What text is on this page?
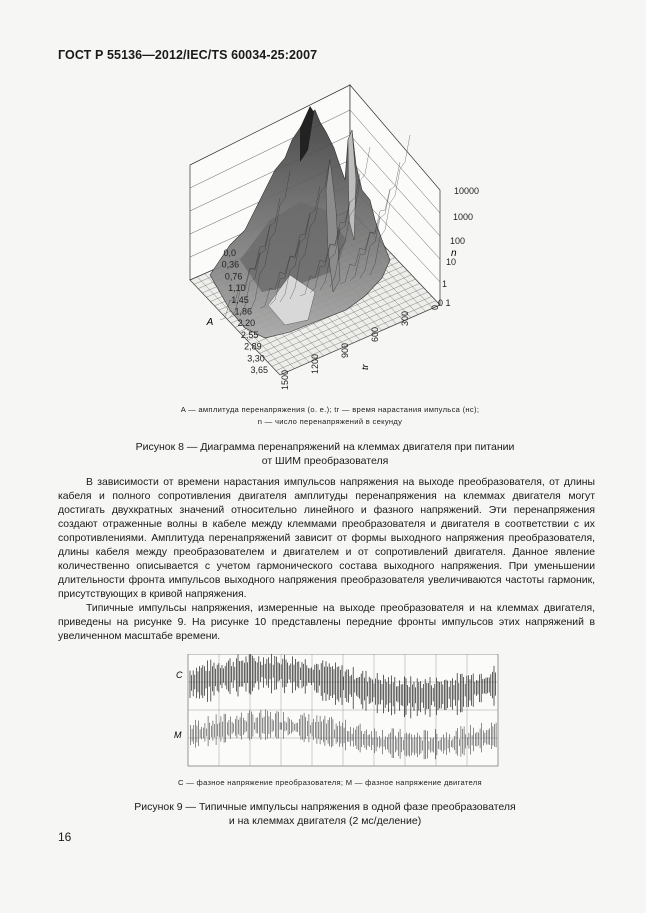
ГОСТ Р 55136—2012/IEC/TS 60034-25:2007
0,0
0,36
0,76
1,10
1,45
1,86
2,20
2,55
2,89
3,30
3,65
A
1500
1200
900
600
300
0
tr
10000
1000
100
10
1
0 1
n
A — амплитуда перенапряжения (о. е.); tr — время нарастания импульса (нс);
n — число перенапряжений в секунду
Рисунок 8 — Диаграмма перенапряжений на клеммах двигателя при питании
от ШИМ преобразователя
В зависимости от времени нарастания импульсов напряжения на выходе преобразователя, от длины кабеля и полного сопротивления двигателя амплитуды перенапряжения на клеммах двигателя могут достигать двухкратных значений относительно линейного и фазного напряжений. Эти перенапряжения создают отраженные волны в кабеле между клеммами преобразователя и двигателя в соответствии с их сопротивлениями. Амплитуда перенапряжений зависит от формы выходного напряжения преобразователя, длины кабеля между преобразователем и двигателем и от сопротивлений двигателя. Данное явление количественно описывается с учетом гармонического состава выходного напряжения. При уменьшении длительности фронта импульсов выходного напряжения преобразователя увеличиваются частоты гармоник, присутствующих в кривой напряжения.
Типичные импульсы напряжения, измеренные на выходе преобразователя и на клеммах двигателя, приведены на рисунке 9. На рисунке 10 представлены передние фронты импульсов этих напряжений в увеличенном масштабе времени.
C
M
C — фазное напряжение преобразователя; M — фазное напряжение двигателя
Рисунок 9 — Типичные импульсы напряжения в одной фазе преобразователя
и на клеммах двигателя (2 мс/деление)
16
